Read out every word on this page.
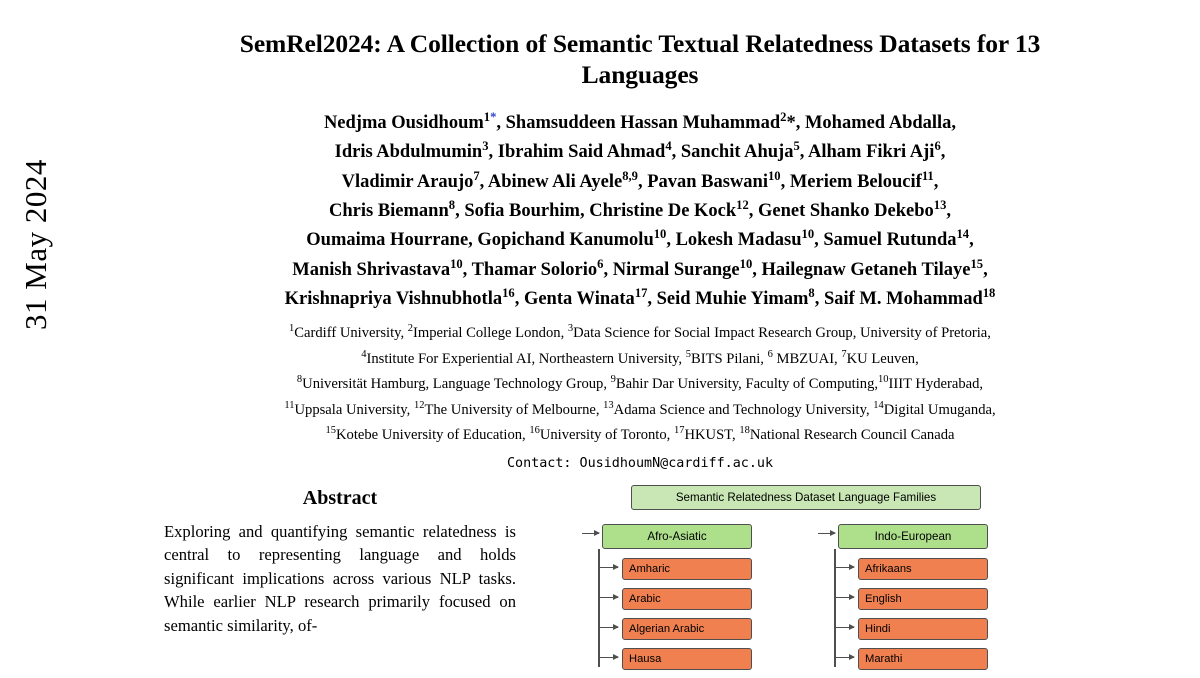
31 May 2024
SemRel2024: A Collection of Semantic Textual Relatedness Datasets for 13 Languages
Nedjma Ousidhoum$^{1*}$, Shamsuddeen Hassan Muhammad$^2$*, Mohamed Abdalla,
Idris Abdulmumin$^3$, Ibrahim Said Ahmad$^4$, Sanchit Ahuja$^5$, Alham Fikri Aji$^6$,
Vladimir Araujo$^7$, Abinew Ali Ayele$^{8,9}$, Pavan Baswani$^{10}$, Meriem Beloucif$^{11}$,
Chris Biemann$^8$, Sofia Bourhim, Christine De Kock$^{12}$, Genet Shanko Dekebo$^{13}$,
Oumaima Hourrane, Gopichand Kanumolu$^{10}$, Lokesh Madasu$^{10}$, Samuel Rutunda$^{14}$,
Manish Shrivastava$^{10}$, Thamar Solorio$^6$, Nirmal Surange$^{10}$, Hailegnaw Getaneh Tilaye$^{15}$,
Krishnapriya Vishnubhotla$^{16}$, Genta Winata$^{17}$, Seid Muhie Yimam$^8$, Saif M. Mohammad$^{18}$
$^1$Cardiff University, $^2$Imperial College London, $^3$Data Science for Social Impact Research Group, University of Pretoria,
$^4$Institute For Experiential AI, Northeastern University, $^5$BITS Pilani, $^6$ MBZUAI, $^7$KU Leuven,
$^8$Universität Hamburg, Language Technology Group, $^9$Bahir Dar University, Faculty of Computing,$^{10}$IIIT Hyderabad,
$^{11}$Uppsala University, $^{12}$The University of Melbourne, $^{13}$Adama Science and Technology University, $^{14}$Digital Umuganda,
$^{15}$Kotebe University of Education, $^{16}$University of Toronto, $^{17}$HKUST, $^{18}$National Research Council Canada
Contact: OusidhoumN@cardiff.ac.uk
Abstract
Exploring and quantifying semantic relatedness is central to representing language and holds significant implications across various NLP tasks. While earlier NLP research primarily focused on semantic similarity, of-
Semantic Relatedness Dataset Language Families
Afro-Asiatic
Amharic
Arabic
Algerian Arabic
Hausa
Indo-European
Afrikaans
English
Hindi
Marathi
